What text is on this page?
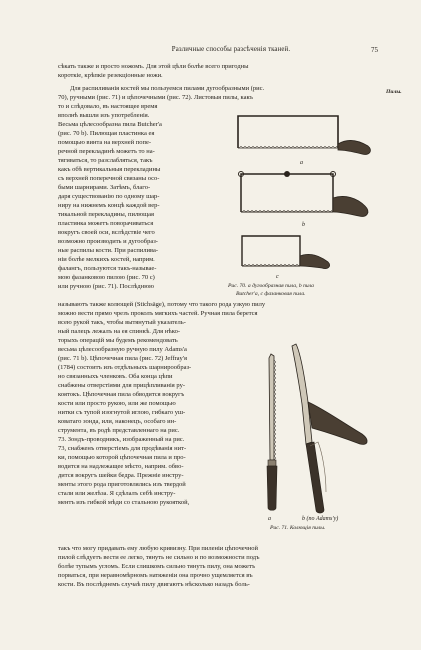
Различные способы разсѣченія тканей.	75
сѣкать также и просто ножомъ. Для этой цѣли болѣе всего пригодны
короткіе, крѣпкіе резекціонные ножи.
Пилы.
Для распиливанія костей мы пользуемся пилами дугообразными (рис.
70), ручными (рис. 71) и цѣпочечными (рис. 72). Листовыя пилы, какъ
то и слѣдовало, въ настоящее время
вполнѣ вышли изъ употребленія.
Весьма цѣлесообразна пила Butcher'а
(рис. 70 b). Пилющая пластинка ея
помощью винта на верхней попе-
речной перекладинѣ можетъ то на-
тягиваться, то разслабляться, такъ
какъ обѣ вертикальныя перекладины
съ верхней поперечной связаны осо-
быми шарнирами. Затѣмъ, благо-
даря существованію по одному шар-
ниру на нижнемъ концѣ каждой вер-
тикальной перекладины, пилющая
пластинка можетъ поворачиваться
вокругъ своей оси, вслѣдствіе чего
возможно производить и дугообраз-
ные распилы кости. При распилива-
ніи болѣе мелкихъ костей, наприм.
фалангъ, пользуются такъ-называе-
мою фазанковою пилою (рис. 70 с)
или ручною (рис. 71). Послѣднюю
a
b
c
Рис. 70. a дугообразная пила, b пила
Butcher'а, c фазанковая пила.
называютъ также колющей (Stichsäge), потому что такого рода узкую пилу
можно вести прямо чрезъ проколъ мягкихъ частей. Ручная пила берется
всею рукой такъ, чтобы вытянутый указатель-
ный палецъ лежалъ на ея спинкѣ. Для нѣко-
торыхъ операцій мы будемъ рекомендовать
весьма цѣлесообразную ручную пилу Adams'а
(рис. 71 b). Цѣпочечная пила (рис. 72) Jeffray'я
(1784) состоитъ изъ отдѣльныхъ шарнирообраз-
но связанныхъ членковъ. Оба конца цѣпи
снабжены отверстіями для прицѣпливанія ру-
коятокъ. Цѣпочечная пила обводится вокругъ
кости или просто рукою, или же помощью
нитки съ тупой изогнутой иглою, гибкаго уш-
коватаго зонда, или, наконецъ, особаго ин-
струмента, въ родѣ представленнаго на рис.
73. Зондъ-проводникъ, изображенный на рис.
73, снабженъ отверстіемъ для продѣванія нит-
ки, помощью которой цѣпочечная пила и про-
водится на надлежащее мѣсто, наприм. обво-
дится вокругъ шейки бедра. Прежніе инстру-
менты этого рода приготовлялись изъ твердой
стали или желѣза. Я сдѣлалъ себѣ инстру-
ментъ изъ гибкой мѣди со стальною рукояткой,
a	b (по Adams'у)
Рис. 71. Колющія пилы.
такъ что могу придавать ему любую кривизну. При пиленіи цѣпочечной
пилой слѣдуетъ вести ее легко, тянуть не сильно и по возможности подъ
болѣе тупымъ угломъ. Если слишкомъ сильно тянуть пилу, она можетъ
порваться, при неравномѣрномъ натяженіи она прочно ущемляется въ
кости. Въ послѣднемъ случаѣ пилу двигаютъ нѣсколько назадъ боль-
